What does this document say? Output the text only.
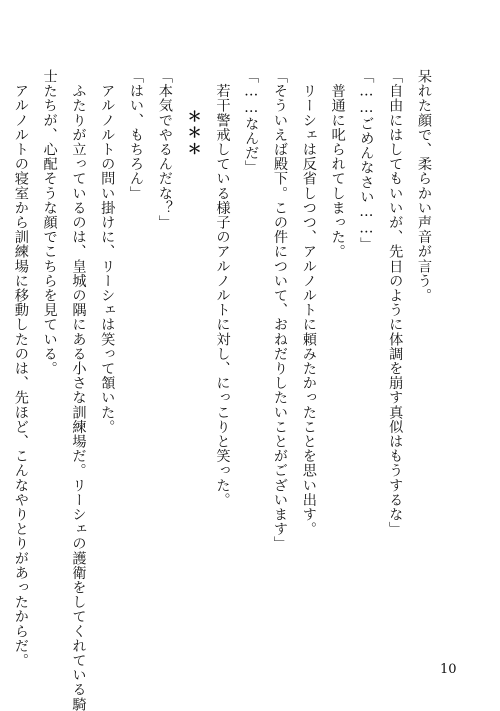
呆れた顔で、柔らかい声音が言う。
「自由にはしてもいいが、先日のように体調を崩す真似はもうするな」
「……ごめんなさい……」
　普通に叱られてしまった。
　リーシェは反省しつつ、アルノルトに頼みたかったことを思い出す。
「そういえば殿下。この件について、おねだりしたいことがございます」
「……なんだ」
　若干警戒している様子のアルノルトに対し、にっこりと笑った。
＊＊＊
「本気でやるんだな？」
「はい、もちろん」
　アルノルトの問い掛けに、リーシェは笑って頷いた。
　ふたりが立っているのは、皇城の隅にある小さな訓練場だ。リーシェの護衛をしてくれている騎
士たちが、心配そうな顔でこちらを見ている。
　アルノルトの寝室から訓練場に移動したのは、先ほど、こんなやりとりがあったからだ。
10
